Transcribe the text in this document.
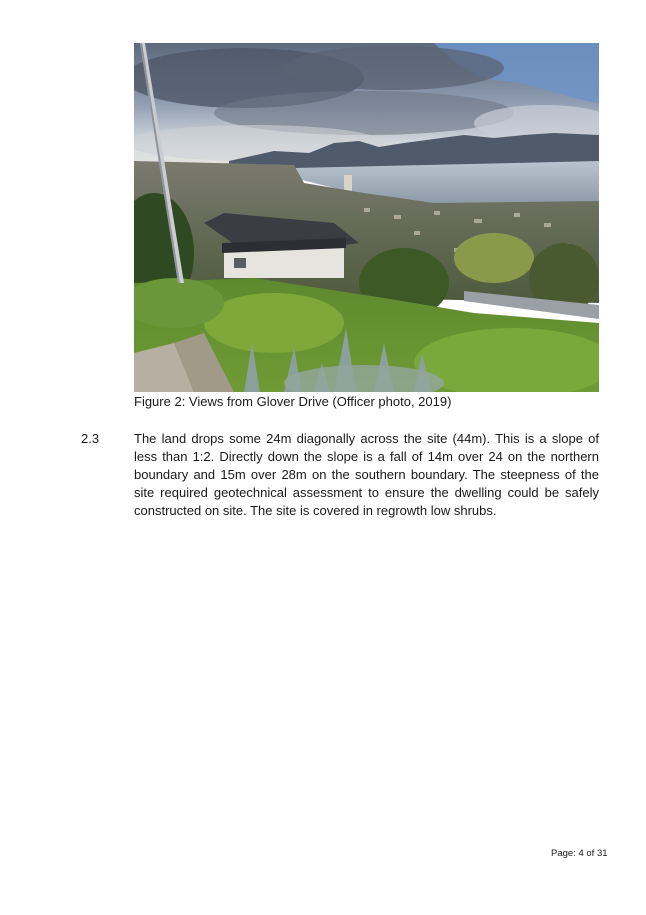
Figure 2: Views from Glover Drive (Officer photo, 2019)
2.3	The land drops some 24m diagonally across the site (44m). This is a slope of less than 1:2. Directly down the slope is a fall of 14m over 24 on the northern boundary and 15m over 28m on the southern boundary. The steepness of the site required geotechnical assessment to ensure the dwelling could be safely constructed on site. The site is covered in regrowth low shrubs.

Page: 4 of 31
